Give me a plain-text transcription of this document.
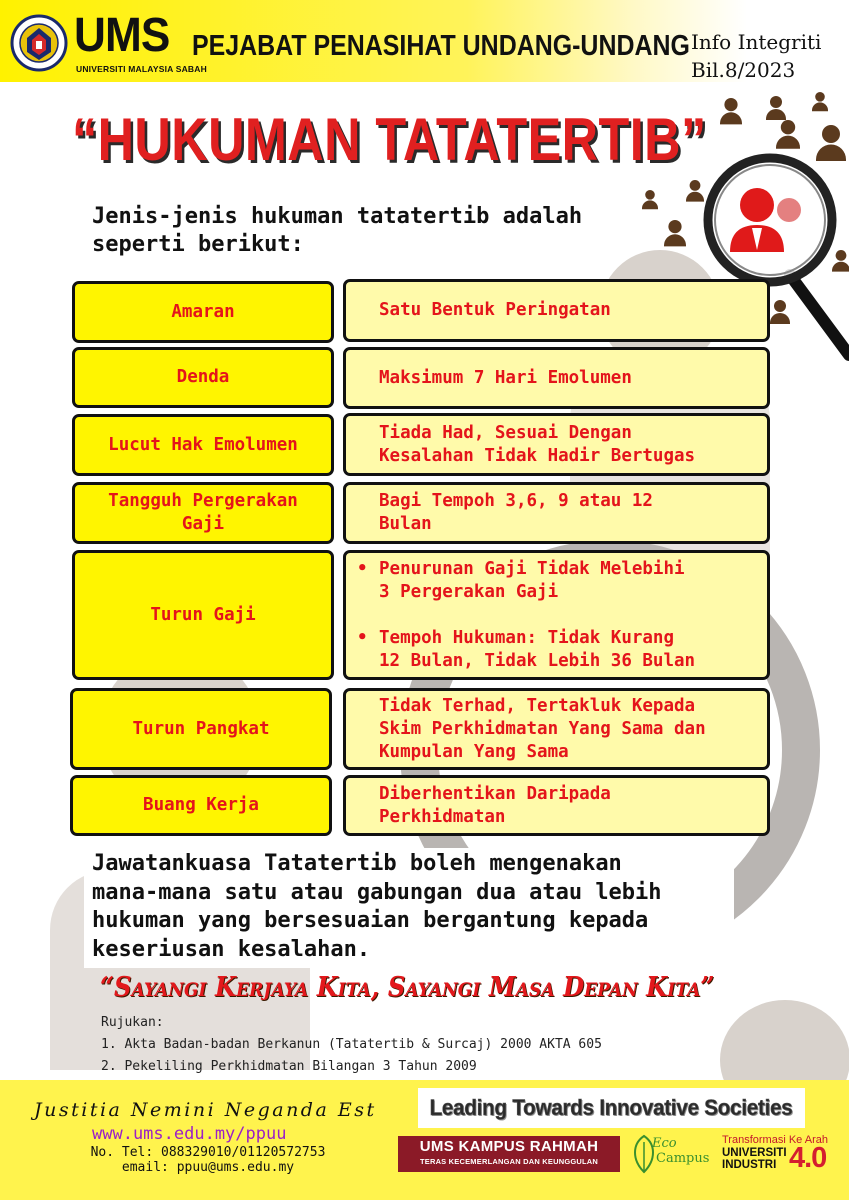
UMS
UNIVERSITI MALAYSIA SABAH
PEJABAT PENASIHAT UNDANG-UNDANG Info Integriti
Bil.8/2023
“HUKUMAN TATATERTIB”
Jenis-jenis hukuman tatatertib adalah
seperti berikut:
Amaran	Satu Bentuk Peringatan
Denda	Maksimum 7 Hari Emolumen
Lucut Hak Emolumen
Tiada Had, Sesuai Dengan
Kesalahan Tidak Hadir Bertugas
Tangguh Pergerakan
Gaji
Bagi Tempoh 3,6, 9 atau 12
Bulan
Turun Gaji
• Penurunan Gaji Tidak Melebihi
3 Pergerakan Gaji
• Tempoh Hukuman: Tidak Kurang
12 Bulan, Tidak Lebih 36 Bulan
Turun Pangkat
Tidak Terhad, Tertakluk Kepada
Skim Perkhidmatan Yang Sama dan
Kumpulan Yang Sama
Buang Kerja
Diberhentikan Daripada
Perkhidmatan
Jawatankuasa Tatatertib boleh mengenakan
mana-mana satu atau gabungan dua atau lebih
hukuman yang bersesuaian bergantung kepada
keseriusan kesalahan.
“Sayangi Kerjaya Kita, Sayangi Masa Depan Kita”
Rujukan:
1. Akta Badan-badan Berkanun (Tatatertib & Surcaj) 2000 AKTA 605
2. Pekeliling Perkhidmatan Bilangan 3 Tahun 2009
Justitia Nemini Neganda Est
www.ums.edu.my/ppuu
No. Tel: 088329010/01120572753
email: ppuu@ums.edu.my
Leading Towards Innovative Societies
UMS KAMPUS RAHMAH
TERAS KECEMERLANGAN DAN KEUNGGULAN
Eco
Campus
Transformasi Ke Arah
UNIVERSITI
INDUSTRI 4.0
